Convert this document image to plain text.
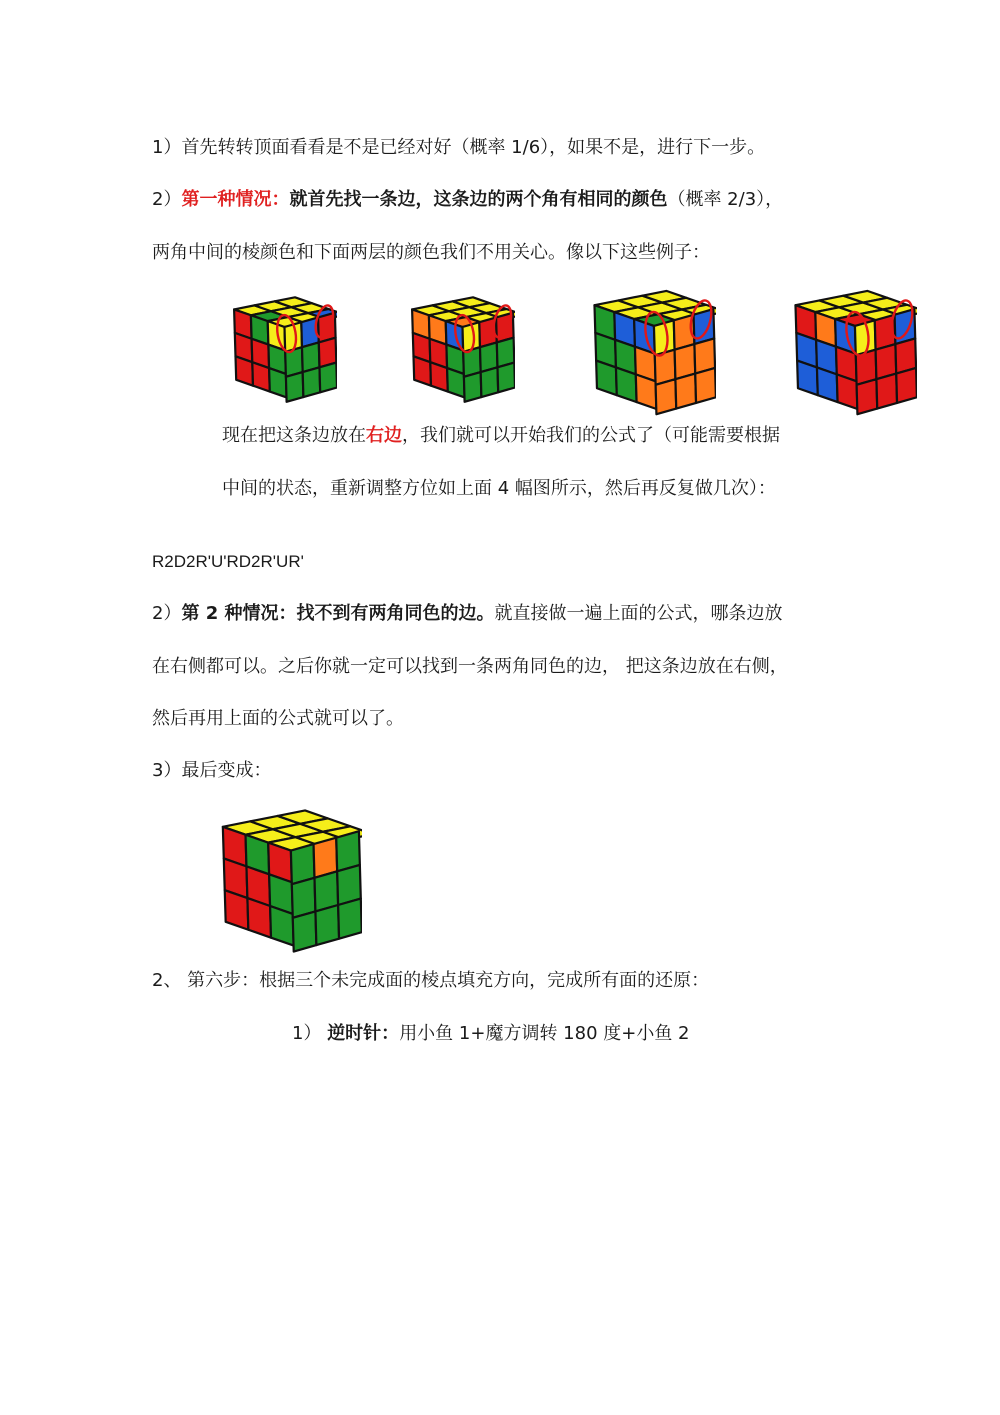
1）首先转转顶面看看是不是已经对好（概率 1/6），如果不是，进行下一步。
2）第一种情况：就首先找一条边，这条边的两个角有相同的颜色（概率 2/3），
两角中间的棱颜色和下面两层的颜色我们不用关心。像以下这些例子：
现在把这条边放在右边，我们就可以开始我们的公式了（可能需要根据
中间的状态，重新调整方位如上面 4 幅图所示，然后再反复做几次）：
R2D2R'U'RD2R'UR'
2）第 2 种情况：找不到有两角同色的边。就直接做一遍上面的公式，哪条边放
在右侧都可以。之后你就一定可以找到一条两角同色的边， 把这条边放在右侧，
然后再用上面的公式就可以了。
3）最后变成：
2、 第六步：根据三个未完成面的棱点填充方向，完成所有面的还原：
1） 逆时针：用小鱼 1+魔方调转 180 度+小鱼 2
